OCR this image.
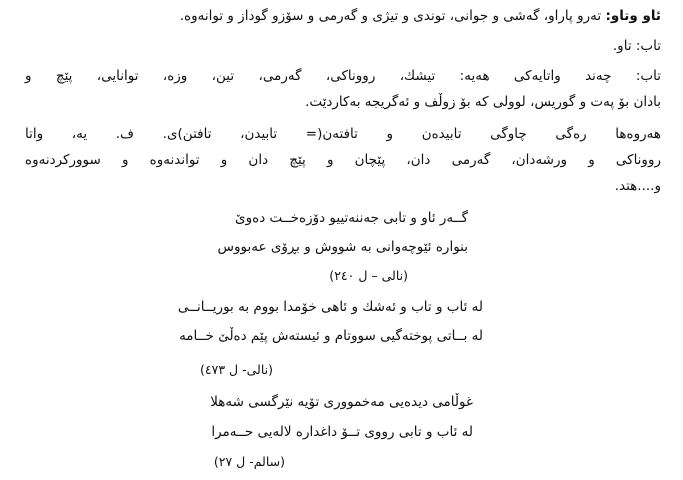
ئاو وتاو: تەرو پاراو، گەشی و جوانی، توندی و تیژی و گەرمی و سۆزو گوداز و توانەوە.
تاب: تاو.
تاب: چەند واتایەکی هەیە: تیشك، رووناکی، گەرمی، تین، وزە، توانایی، پێچ و
بادان بۆ پەت و گوریس، لوولی کە بۆ زوڵف و ئەگریجە بەکاردێت.
هەروەها رەگی چاوگی تابیدەن و تافتەن(= تابیدن، تافتن)ی. ف. یە، واتا
رووناکی و ورشەدان، گەرمی دان، پێچان و پێچ دان و تواندنەوە و سوورکردنەوە
و....هتد.
گــەر ئاو و تابی جەننەتییو دۆزەخــت دەوێ
بنوارە ئێوچەوانی بە شووش و بڕۆی عەبووس
(نالی – ل ٢٤٠)
لە ئاب و تاب و ئەشك و ئاهی خۆمدا بووم بە بوریــانــی
لە بــاتی پوختەگیی سووتام و ئیستەش پێم دەڵێ خــامە
(نالی- ل ٤٧٣)
غوڵامی دیدەیی مەخمووری تۆیە نێرگسی شەهلا
لە ئاب و تابی رووی تــۆ داغدارە لالەیی حــەمرا
(سالم- ل ٢٧)
